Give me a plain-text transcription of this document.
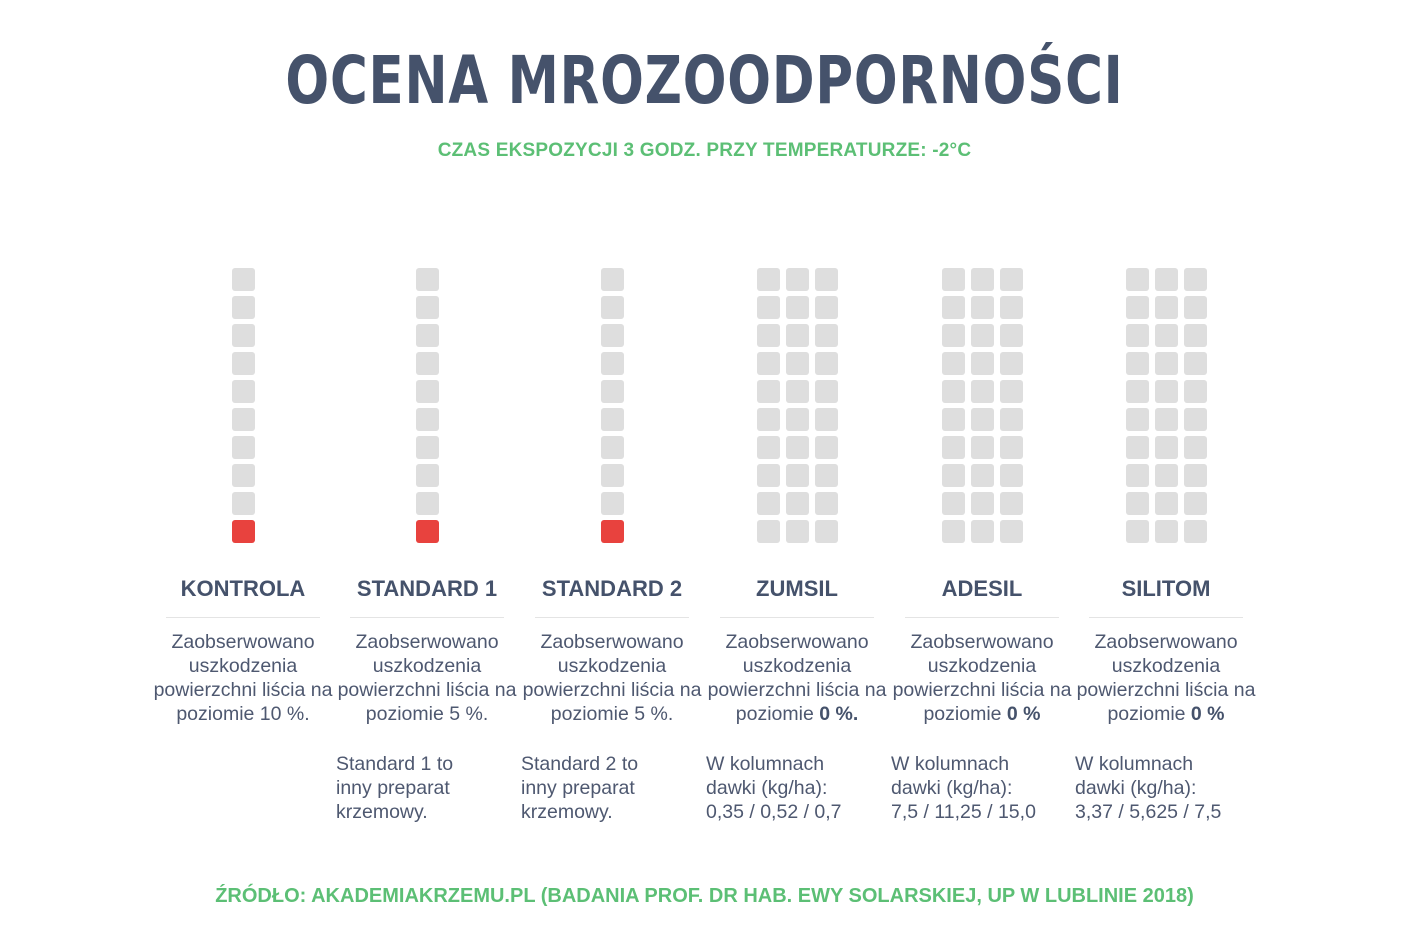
OCENA MROZOODPORNOŚCI
CZAS EKSPOZYCJI 3 GODZ. PRZY TEMPERATURZE: -2°C
KONTROLA
Zaobserwowano uszkodzenia powierzchni liścia na poziomie 10 %.
STANDARD 1
Zaobserwowano uszkodzenia powierzchni liścia na poziomie 5 %.
Standard 1 to
inny preparat
krzemowy.
STANDARD 2
Zaobserwowano uszkodzenia powierzchni liścia na poziomie 5 %.
Standard 2 to
inny preparat
krzemowy.
ZUMSIL
Zaobserwowano uszkodzenia powierzchni liścia na poziomie 0 %.
W kolumnach
dawki (kg/ha):
0,35 / 0,52 / 0,7
ADESIL
Zaobserwowano uszkodzenia powierzchni liścia na poziomie 0 %
W kolumnach
dawki (kg/ha):
7,5 / 11,25 / 15,0
SILITOM
Zaobserwowano uszkodzenia powierzchni liścia na poziomie 0 %
W kolumnach
dawki (kg/ha):
3,37 / 5,625 / 7,5
ŹRÓDŁO: AKADEMIAKRZEMU.PL (BADANIA PROF. DR HAB. EWY SOLARSKIEJ, UP W LUBLINIE 2018)
